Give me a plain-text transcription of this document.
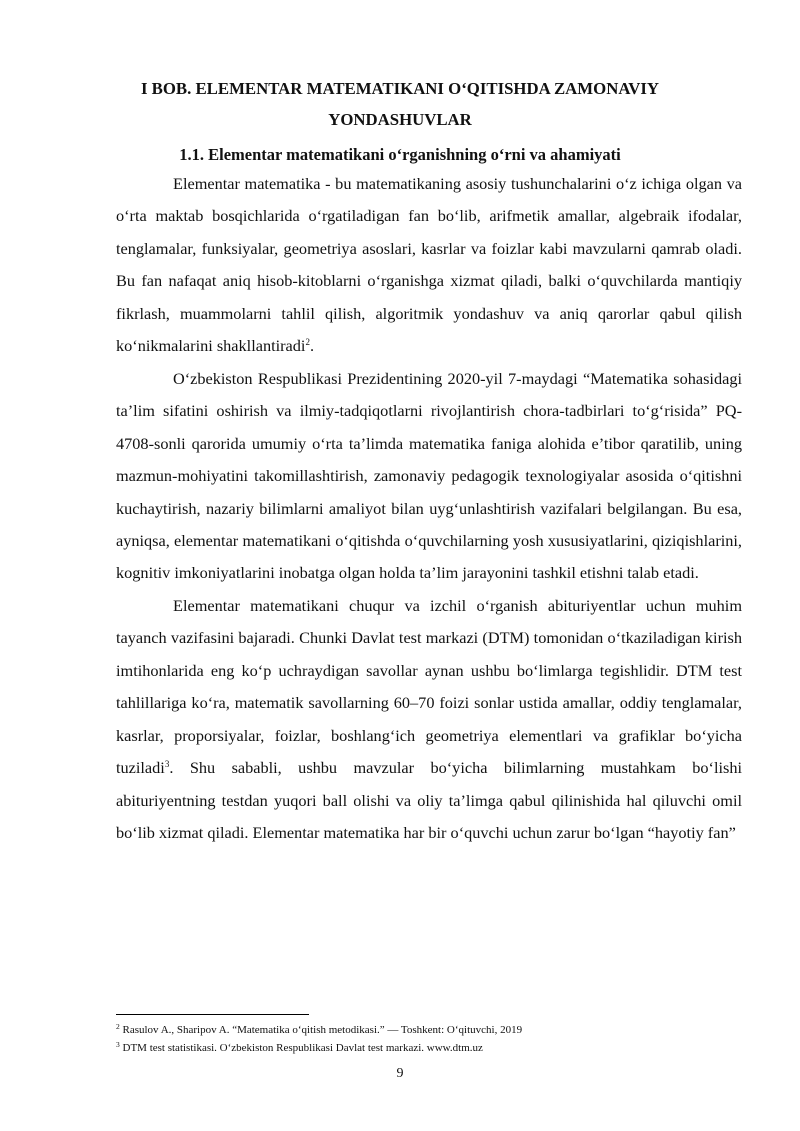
I BOB. ELEMENTAR MATEMATIKANI O‘QITISHDA ZAMONAVIY
YONDASHUVLAR
1.1. Elementar matematikani o‘rganishning o‘rni va ahamiyati

Elementar matematika - bu matematikaning asosiy tushunchalarini o‘z ichiga olgan va o‘rta maktab bosqichlarida o‘rgatiladigan fan bo‘lib, arifmetik amallar, algebraik ifodalar, tenglamalar, funksiyalar, geometriya asoslari, kasrlar va foizlar kabi mavzularni qamrab oladi. Bu fan nafaqat aniq hisob-kitoblarni o‘rganishga xizmat qiladi, balki o‘quvchilarda mantiqiy fikrlash, muammolarni tahlil qilish, algoritmik yondashuv va aniq qarorlar qabul qilish ko‘nikmalarini shakllantiradi$^2$.

O‘zbekiston Respublikasi Prezidentining 2020-yil 7-maydagi “Matematika sohasidagi ta’lim sifatini oshirish va ilmiy-tadqiqotlarni rivojlantirish chora-tadbirlari to‘g‘risida” PQ-4708-sonli qarorida umumiy o‘rta ta’limda matematika faniga alohida e’tibor qaratilib, uning mazmun-mohiyatini takomillashtirish, zamonaviy pedagogik texnologiyalar asosida o‘qitishni kuchaytirish, nazariy bilimlarni amaliyot bilan uyg‘unlashtirish vazifalari belgilangan. Bu esa, ayniqsa, elementar matematikani o‘qitishda o‘quvchilarning yosh xususiyatlarini, qiziqishlarini, kognitiv imkoniyatlarini inobatga olgan holda ta’lim jarayonini tashkil etishni talab etadi.

Elementar matematikani chuqur va izchil o‘rganish abituriyentlar uchun muhim tayanch vazifasini bajaradi. Chunki Davlat test markazi (DTM) tomonidan o‘tkaziladigan kirish imtihonlarida eng ko‘p uchraydigan savollar aynan ushbu bo‘limlarga tegishlidir. DTM test tahlillariga ko‘ra, matematik savollarning 60–70 foizi sonlar ustida amallar, oddiy tenglamalar, kasrlar, proporsiyalar, foizlar, boshlang‘ich geometriya elementlari va grafiklar bo‘yicha tuziladi$^3$. Shu sababli, ushbu mavzular bo‘yicha bilimlarning mustahkam bo‘lishi abituriyentning testdan yuqori ball olishi va oliy ta’limga qabul qilinishida hal qiluvchi omil bo‘lib xizmat qiladi. Elementar matematika har bir o‘quvchi uchun zarur bo‘lgan “hayotiy fan”

$^2$ Rasulov A., Sharipov A. “Matematika o‘qitish metodikasi.” — Toshkent: O‘qituvchi, 2019
$^3$ DTM test statistikasi. O‘zbekiston Respublikasi Davlat test markazi. www.dtm.uz
9
